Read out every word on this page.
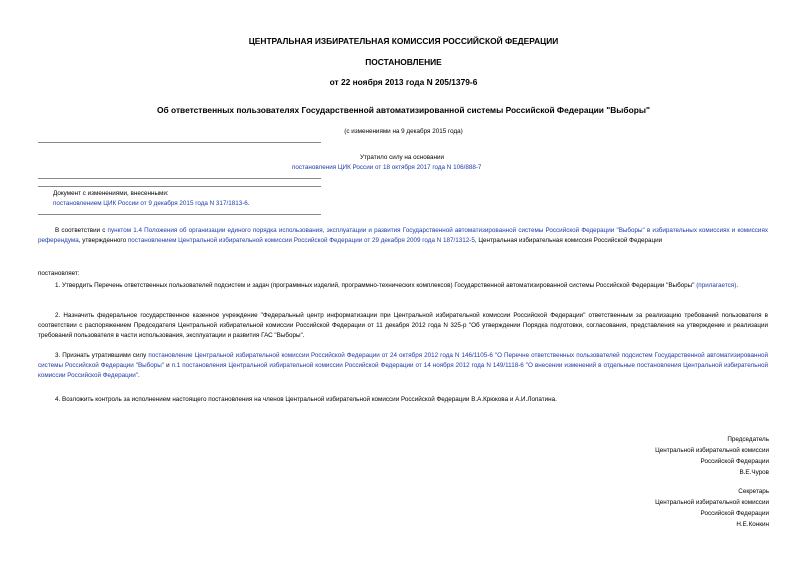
ЦЕНТРАЛЬНАЯ ИЗБИРАТЕЛЬНАЯ КОМИССИЯ РОССИЙСКОЙ ФЕДЕРАЦИИ
ПОСТАНОВЛЕНИЕ
от 22 ноября 2013 года N 205/1379-6
Об ответственных пользователях Государственной автоматизированной системы Российской Федерации "Выборы"
(с изменениями на 9 декабря 2015 года)
Утратило силу на основании
постановления ЦИК России от 18 октября 2017 года N 106/888-7
Документ с изменениями, внесенными:
постановлением ЦИК России от 9 декабря 2015 года N 317/1813-6.
В соответствии с пунктом 1.4 Положения об организации единого порядка использования, эксплуатации и развития Государственной автоматизированной системы Российской Федерации "Выборы" в избирательных комиссиях и комиссиях референдума, утвержденного постановлением Центральной избирательной комиссии Российской Федерации от 29 декабря 2009 года N 187/1312-5, Центральная избирательная комиссия Российской Федерации
постановляет:
1. Утвердить Перечень ответственных пользователей подсистем и задач (программных изделий, программно-технических комплексов) Государственной автоматизированной системы Российской Федерации "Выборы" (прилагается).
2. Назначить федеральное государственное казенное учреждение "Федеральный центр информатизации при Центральной избирательной комиссии Российской Федерации" ответственным за реализацию требований пользователя в соответствии с распоряжением Председателя Центральной избирательной комиссии Российской Федерации от 11 декабря 2012 года N 325-р "Об утверждении Порядка подготовки, согласования, представления на утверждение и реализации требований пользователя в части использования, эксплуатации и развития ГАС "Выборы".
3. Признать утратившими силу постановление Центральной избирательной комиссии Российской Федерации от 24 октября 2012 года N 146/1105-6 "О Перечне ответственных пользователей подсистем Государственной автоматизированной системы Российской Федерации "Выборы" и п.1 постановления Центральной избирательной комиссии Российской Федерации от 14 ноября 2012 года N 149/1118-6 "О внесении изменений в отдельные постановления Центральной избирательной комиссии Российской Федерации".
4. Возложить контроль за исполнением настоящего постановления на членов Центральной избирательной комиссии Российской Федерации В.А.Крюкова и А.И.Лопатина.
Председатель
Центральной избирательной комиссии
Российской Федерации
В.Е.Чуров
Секретарь
Центральной избирательной комиссии
Российской Федерации
Н.Е.Конкин
